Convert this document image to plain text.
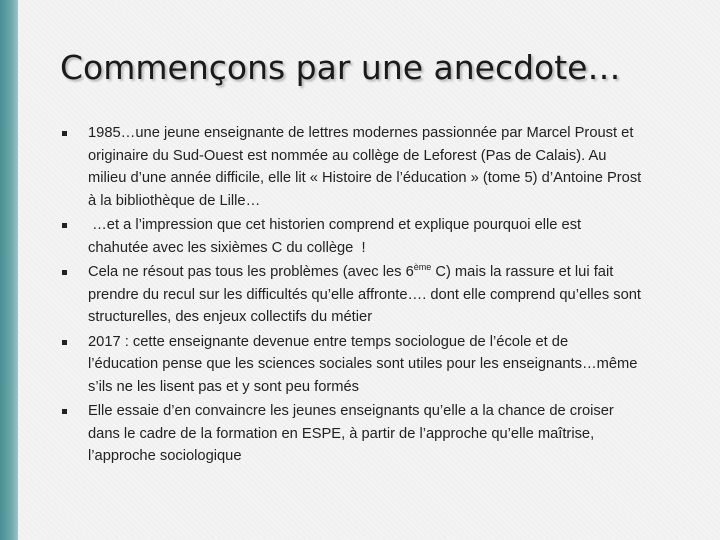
Commençons par une anecdote…
1985…une jeune enseignante de lettres modernes passionnée par Marcel Proust et originaire du Sud-Ouest est nommée au collège de Leforest (Pas de Calais). Au milieu d’une année difficile, elle lit « Histoire de l’éducation » (tome 5) d’Antoine Prost à la bibliothèque de Lille…
…et a l’impression que cet historien comprend et explique pourquoi elle est chahutée avec les sixièmes C du collège  !
Cela ne résout pas tous les problèmes (avec les 6ème C) mais la rassure et lui fait prendre du recul sur les difficultés qu’elle affronte…. dont elle comprend qu’elles sont structurelles, des enjeux collectifs du métier
2017 : cette enseignante devenue entre temps sociologue de l’école et de l’éducation pense que les sciences sociales sont utiles pour les enseignants…même s’ils ne les lisent pas et y sont peu formés
Elle essaie d’en convaincre les jeunes enseignants qu’elle a la chance de croiser dans le cadre de la formation en ESPE, à partir de l’approche qu’elle maîtrise, l’approche sociologique
